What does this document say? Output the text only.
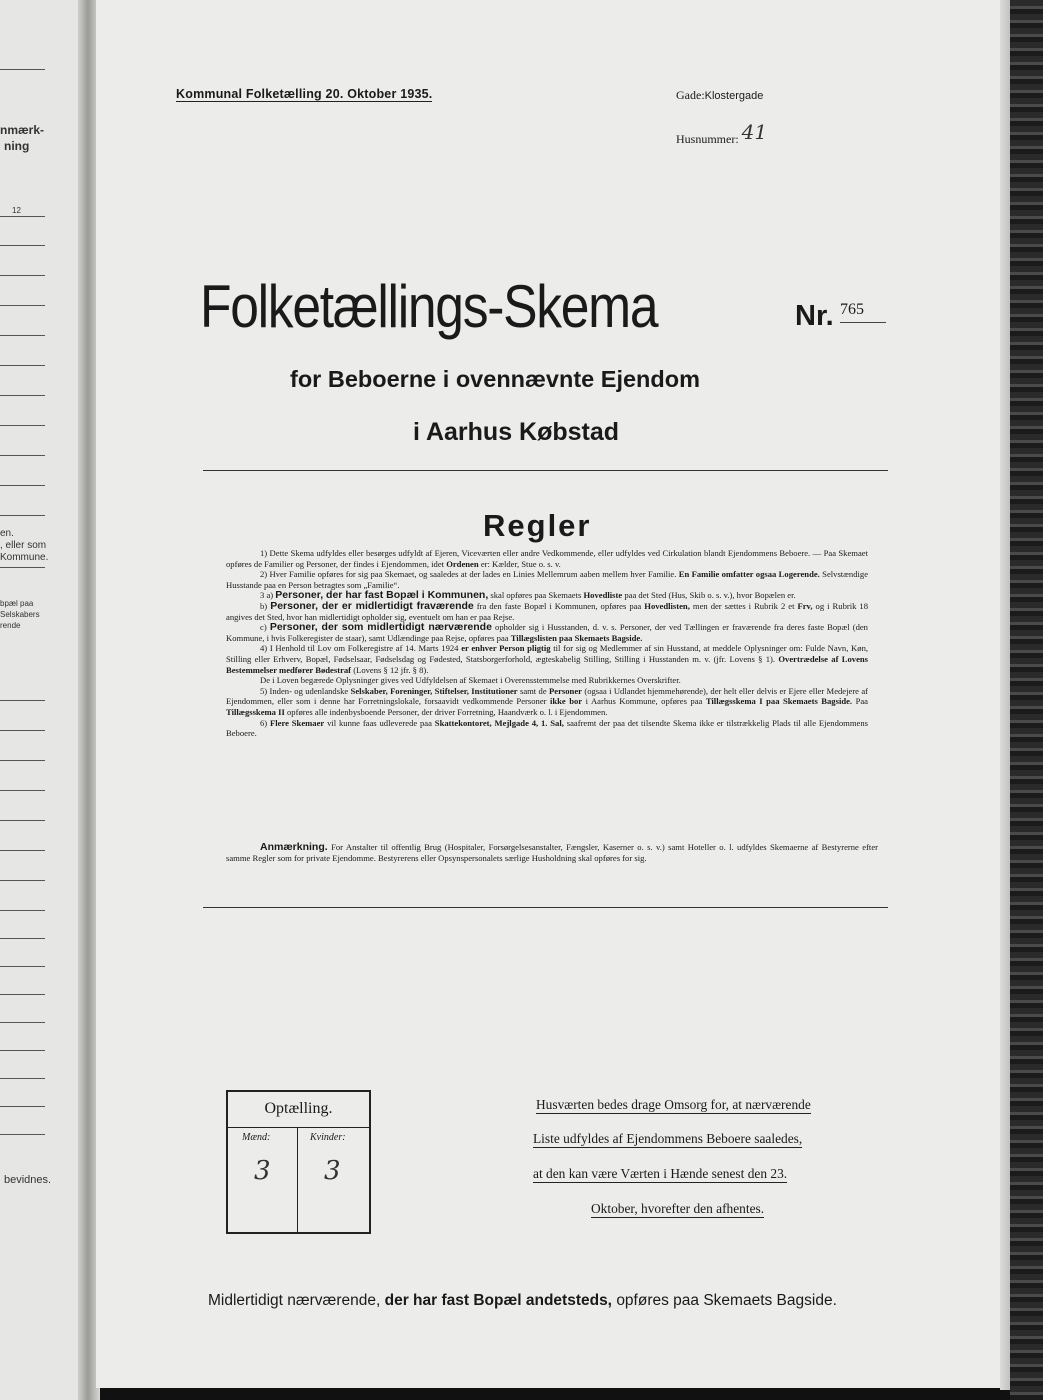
nmærk-
ning
12
en.
, eller som
Kommune.
bpæl paa
Selskabers
rende
bevidnes.
Kommunal Folketælling 20. Oktober 1935.	Gade:Klostergade
Husnummer: 41
Folketællings-Skema	Nr. 765
for Beboerne i ovennævnte Ejendom
i Aarhus Købstad
Regler

1) Dette Skema udfyldes eller besørges udfyldt af Ejeren, Viceværten eller andre Vedkommende, eller udfyldes ved Cirkulation blandt Ejendommens Beboere. — Paa Skemaet opføres de Familier og Personer, der findes i Ejendommen, idet Ordenen er: Kælder, Stue o. s. v.

2) Hver Familie opføres for sig paa Skemaet, og saaledes at der lades en Linies Mellemrum aaben mellem hver Familie. En Familie omfatter ogsaa Logerende. Selvstændige Husstande paa en Person betragtes som „Familie“.

3 a) Personer, der har fast Bopæl i Kommunen, skal opføres paa Skemaets Hovedliste paa det Sted (Hus, Skib o. s. v.), hvor Bopælen er.

b) Personer, der er midlertidigt fraværende fra den faste Bopæl i Kommunen, opføres paa Hovedlisten, men der sættes i Rubrik 2 et Frv, og i Rubrik 18 angives det Sted, hvor han midlertidigt opholder sig, eventuelt om han er paa Rejse.

c) Personer, der som midlertidigt nærværende opholder sig i Husstanden, d. v. s. Personer, der ved Tællingen er fraværende fra deres faste Bopæl (den Kommune, i hvis Folkeregister de staar), samt Udlændinge paa Rejse, opføres paa Tillægslisten paa Skemaets Bagside.

4) I Henhold til Lov om Folkeregistre af 14. Marts 1924 er enhver Person pligtig til for sig og Medlemmer af sin Husstand, at meddele Oplysninger om: Fulde Navn, Køn, Stilling eller Erhverv, Bopæl, Fødselsaar, Fødselsdag og Fødested, Statsborgerforhold, ægteskabelig Stilling, Stilling i Husstanden m. v. (jfr. Lovens § 1). Overtrædelse af Lovens Bestemmelser medfører Bødestraf (Lovens § 12 jfr. § 8).

De i Loven begærede Oplysninger gives ved Udfyldelsen af Skemaet i Overensstemmelse med Rubrikkernes Overskrifter.

5) Inden- og udenlandske Selskaber, Foreninger, Stiftelser, Institutioner samt de Personer (ogsaa i Udlandet hjemmehørende), der helt eller delvis er Ejere eller Medejere af Ejendommen, eller som i denne har Forretningslokale, forsaavidt vedkommende Personer ikke bor i Aarhus Kommune, opføres paa Tillægsskema I paa Skemaets Bagside. Paa Tillægsskema II opføres alle indenbysboende Personer, der driver Forretning, Haandværk o. l. i Ejendommen.

6) Flere Skemaer vil kunne faas udleverede paa Skattekontoret, Mejlgade 4, 1. Sal, saafremt der paa det tilsendte Skema ikke er tilstrækkelig Plads til alle Ejendommens Beboere.

Anmærkning. For Anstalter til offentlig Brug (Hospitaler, Forsørgelsesanstalter, Fængsler, Kaserner o. s. v.) samt Hoteller o. l. udfyldes Skemaerne af Bestyrerne efter samme Regler som for private Ejendomme. Bestyrerens eller Opsynspersonalets særlige Husholdning skal opføres for sig.

Optælling.
Mænd:	Kvinder:
3 3
Husværten bedes drage Omsorg for, at nærværende
Liste udfyldes af Ejendommens Beboere saaledes,
at den kan være Værten i Hænde senest den 23.
Oktober, hvorefter den afhentes.
Midlertidigt nærværende, der har fast Bopæl andetsteds, opføres paa Skemaets Bagside.
